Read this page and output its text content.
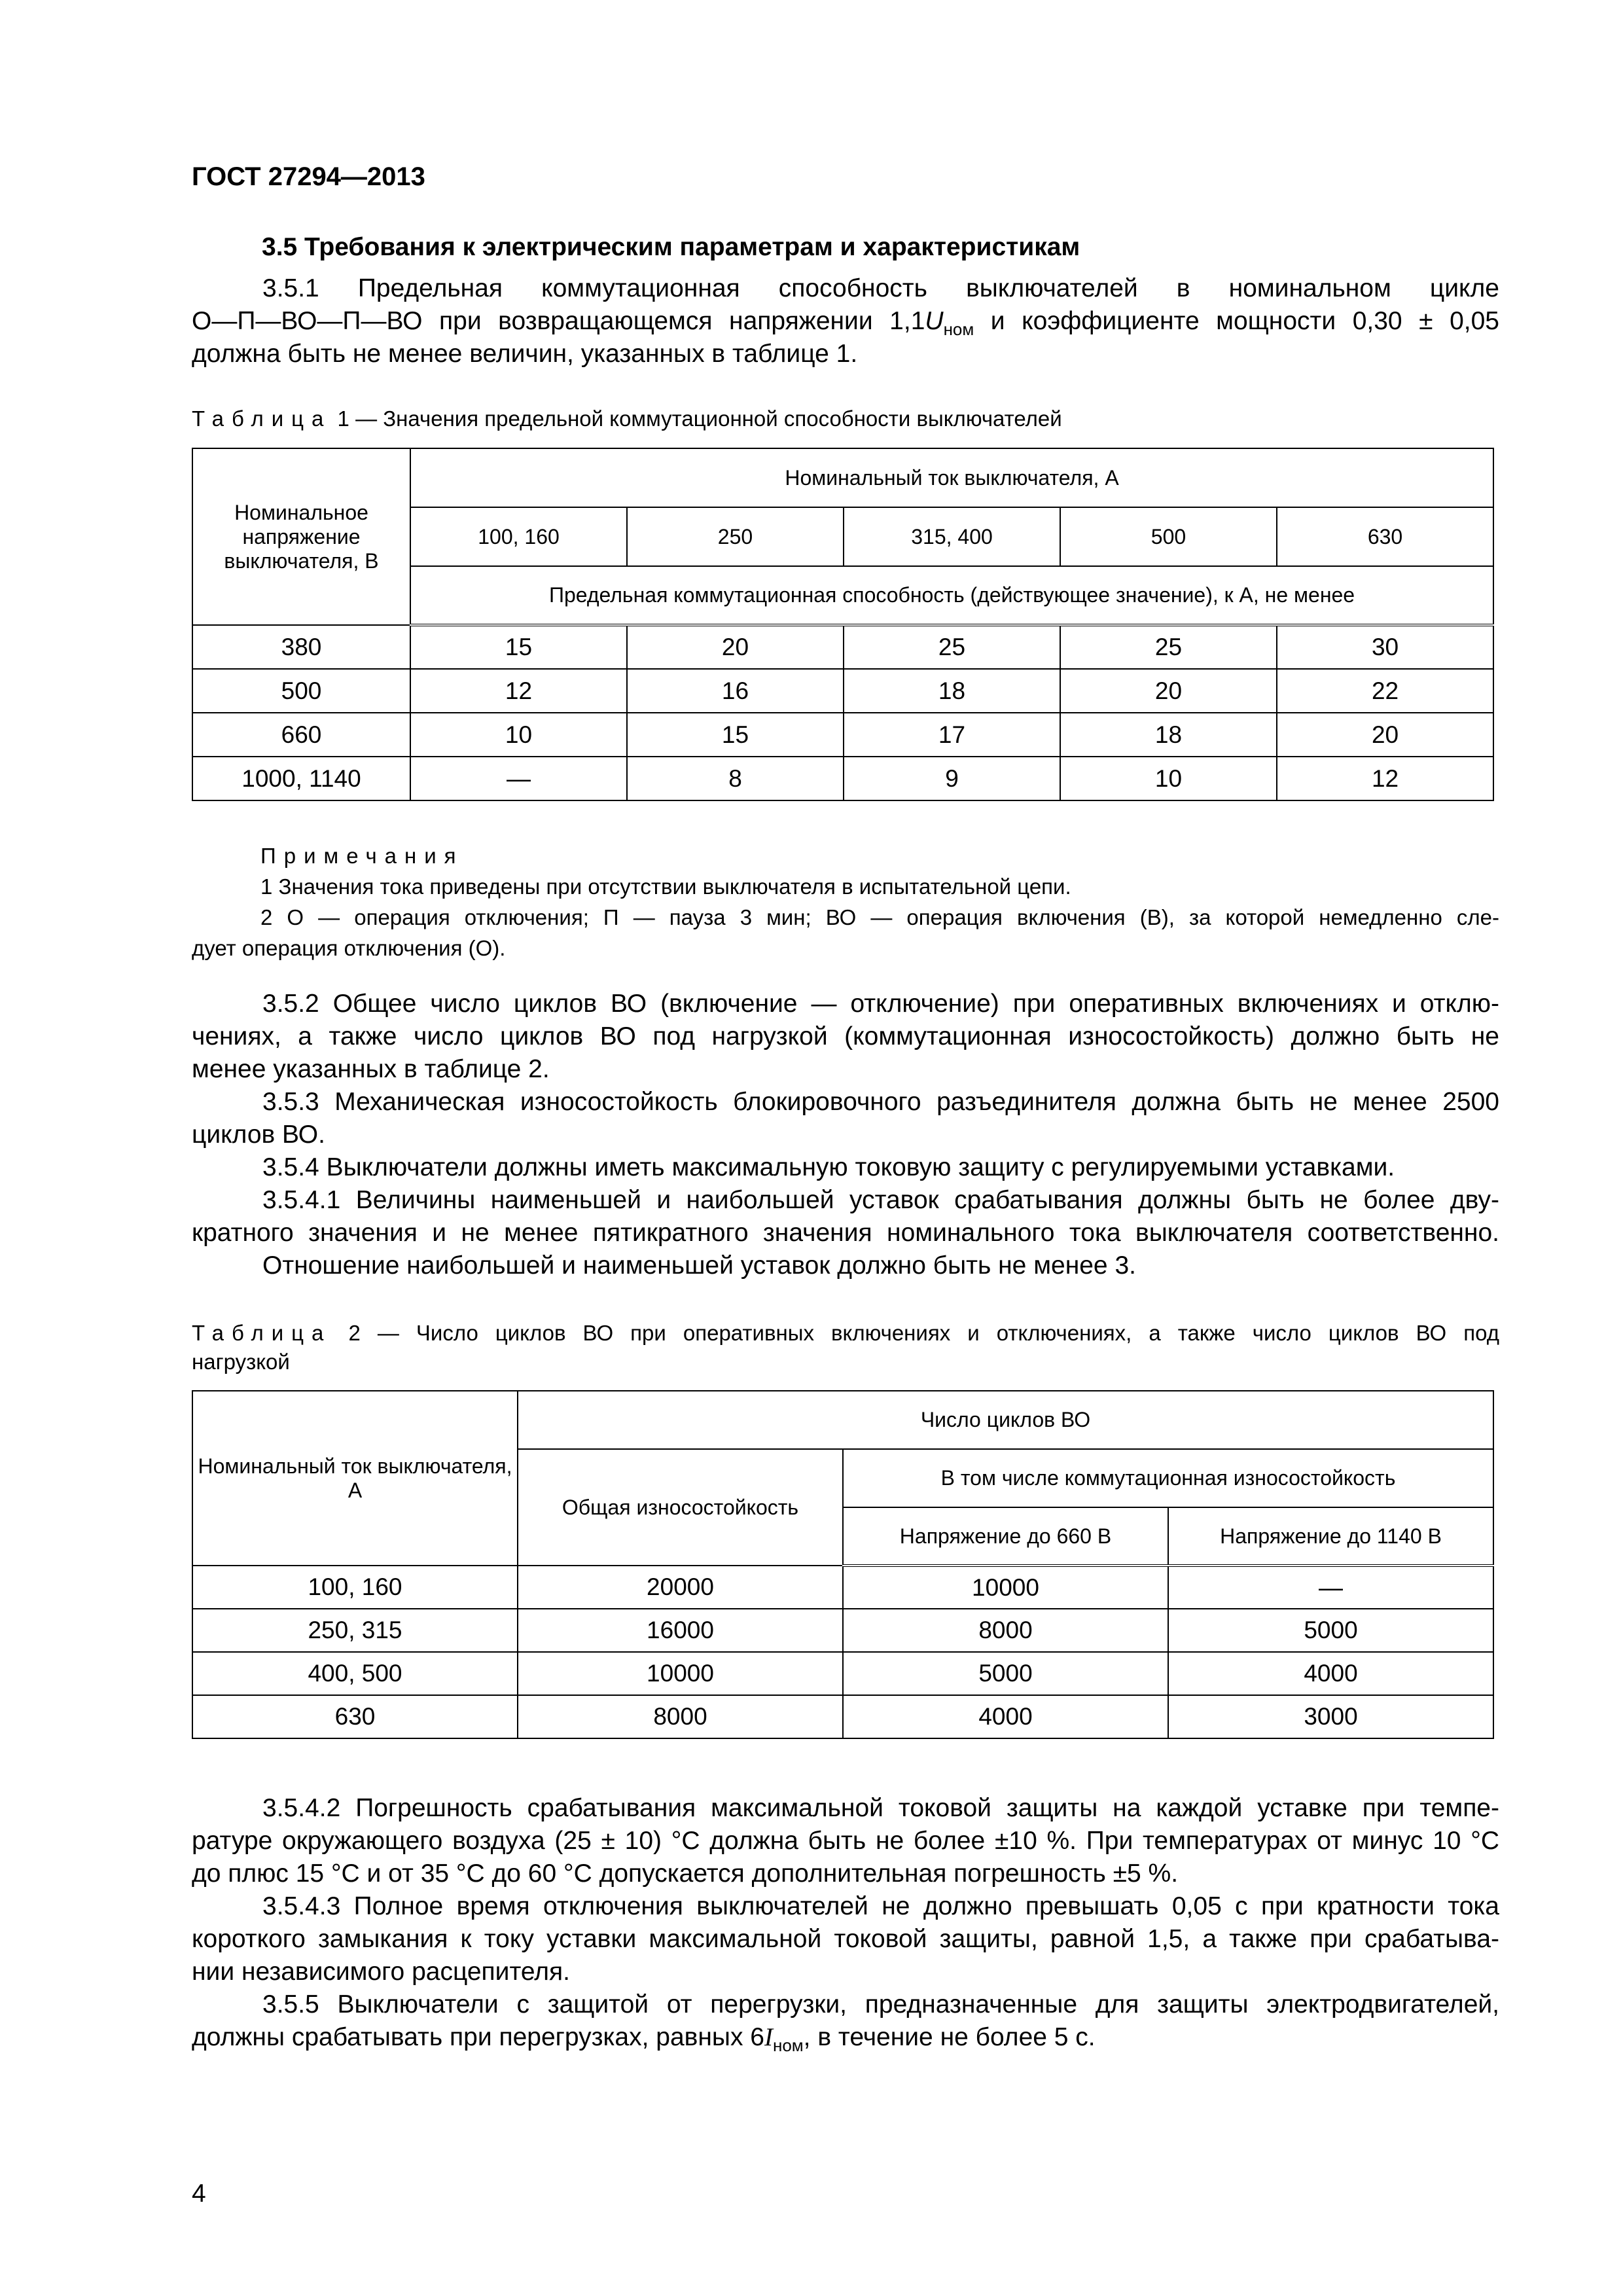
ГОСТ 27294—2013
3.5 Требования к электрическим параметрам и характеристикам
3.5.1 Предельная коммутационная способность выключателей в номинальном цикле
О—П—ВО—П—ВО при возвращающемся напряжении $1,1U_{ном}$ и коэффициенте мощности 0,30 ± 0,05
должна быть не менее величин, указанных в таблице 1.
Таблица 1 — Значения предельной коммутационной способности выключателей
Номинальное напряжение выключателя, В	Номинальный ток выключателя, А				
	100, 160	250	315, 400	500	630
	Предельная коммутационная способность (действующее значение), к А, не менее				
380	15	20	25	25	30
500	12	16	18	20	22
660	10	15	17	18	20
1000, 1140	—	8	9	10	12
Примечания
1 Значения тока приведены при отсутствии выключателя в испытательной цепи.
2 О — операция отключения; П — пауза 3 мин; ВО — операция включения (В), за которой немедленно сле-
дует операция отключения (О).
3.5.2 Общее число циклов ВО (включение — отключение) при оперативных включениях и отклю-
чениях, а также число циклов ВО под нагрузкой (коммутационная износостойкость) должно быть не
менее указанных в таблице 2.
3.5.3 Механическая износостойкость блокировочного разъединителя должна быть не менее 2500
циклов ВО.
3.5.4 Выключатели должны иметь максимальную токовую защиту с регулируемыми уставками.
3.5.4.1 Величины наименьшей и наибольшей уставок срабатывания должны быть не более дву-
кратного значения и не менее пятикратного значения номинального тока выключателя соответственно.
Отношение наибольшей и наименьшей уставок должно быть не менее 3.
Таблица 2 — Число циклов ВО при оперативных включениях и отключениях, а также число циклов ВО под
нагрузкой
Номинальный ток выключателя, А	Число циклов ВО		
	Общая износостойкость	В том числе коммутационная износостойкость	
		Напряжение до 660 В	Напряжение до 1140 В
100, 160	20000	10000	—
250, 315	16000	8000	5000
400, 500	10000	5000	4000
630	8000	4000	3000
3.5.4.2 Погрешность срабатывания максимальной токовой защиты на каждой уставке при темпе-
ратуре окружающего воздуха (25 ± 10) °С должна быть не более ±10 %. При температурах от минус 10 °С
до плюс 15 °С и от 35 °С до 60 °С допускается дополнительная погрешность ±5 %.
3.5.4.3 Полное время отключения выключателей не должно превышать 0,05 с при кратности тока
короткого замыкания к току уставки максимальной токовой защиты, равной 1,5, а также при срабатыва-
нии независимого расцепителя.
3.5.5 Выключатели с защитой от перегрузки, предназначенные для защиты электродвигателей,
должны срабатывать при перегрузках, равных $6I_{ном}$, в течение не более 5 с.
4
